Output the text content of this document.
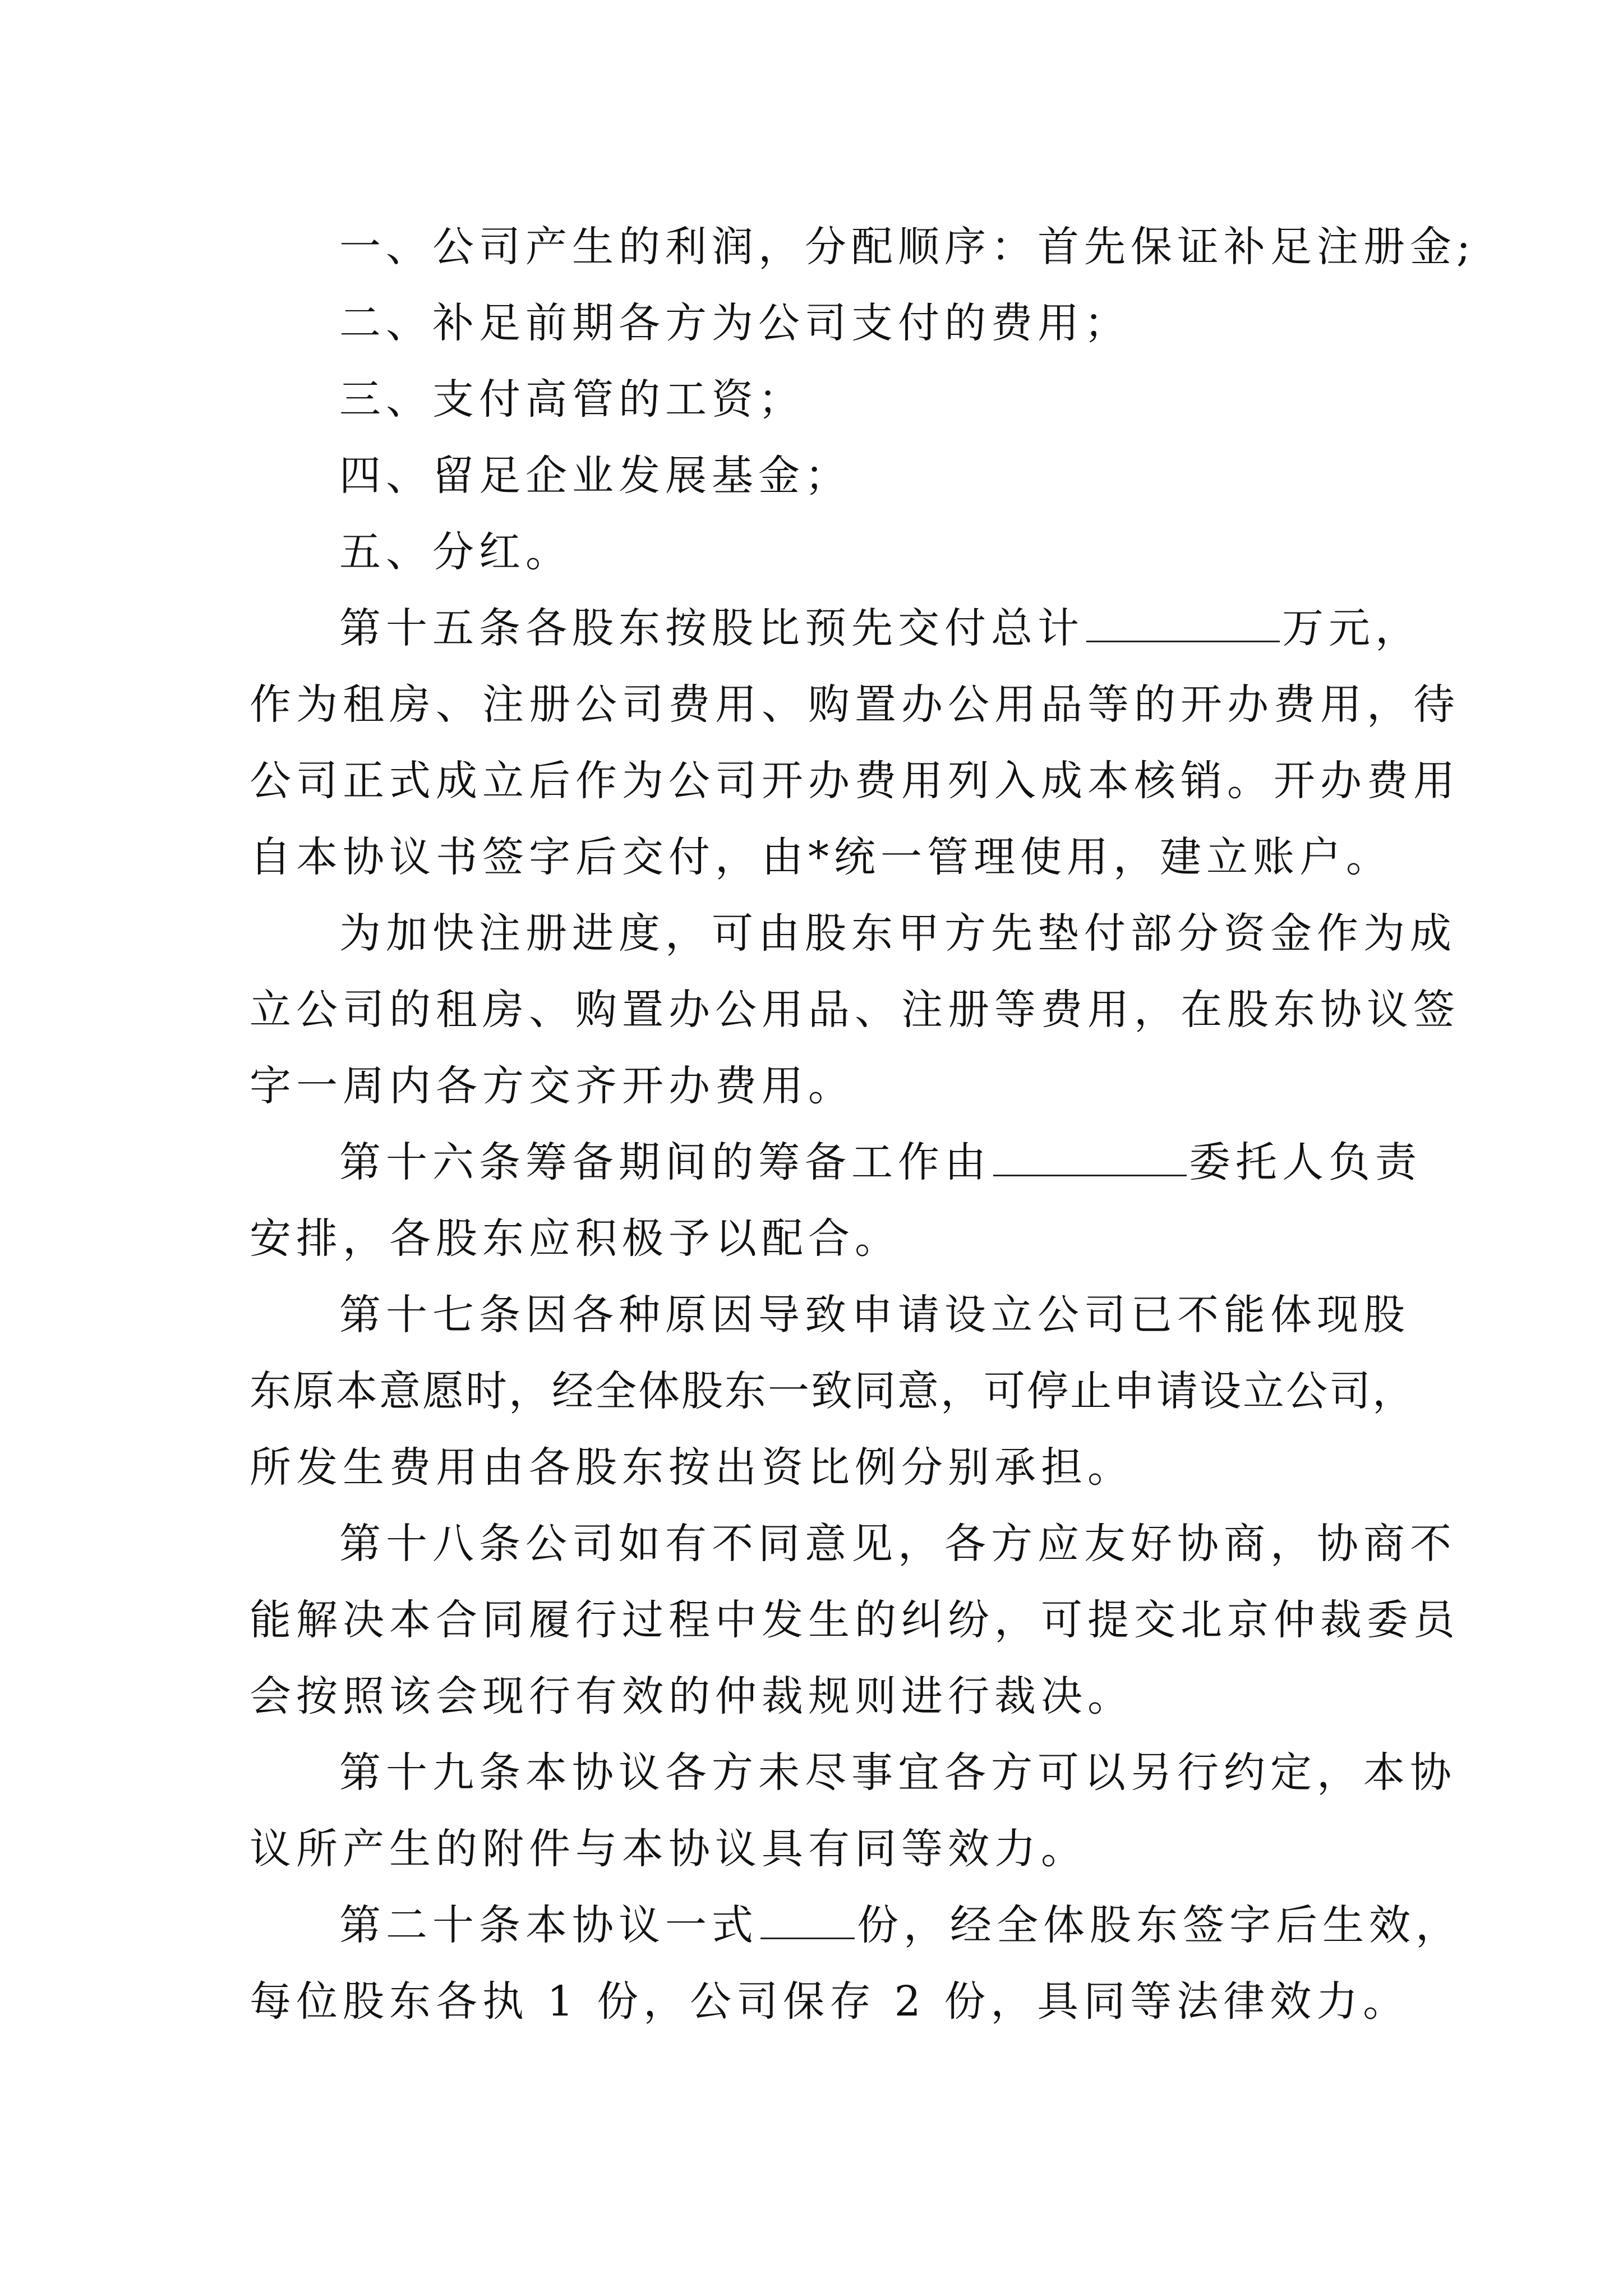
一、公司产生的利润，分配顺序：首先保证补足注册金;
二、补足前期各方为公司支付的费用；
三、支付高管的工资；
四、留足企业发展基金；
五、分红。
第十五条各股东按股比预先交付总计	万元，
作为租房、注册公司费用、购置办公用品等的开办费用，待
公司正式成立后作为公司开办费用列入成本核销。开办费用
自本协议书签字后交付，由*统一管理使用，建立账户。
为加快注册进度，可由股东甲方先垫付部分资金作为成
立公司的租房、购置办公用品、注册等费用，在股东协议签
字一周内各方交齐开办费用。
第十六条筹备期间的筹备工作由	委托人负责
安排，各股东应积极予以配合。
第十七条因各种原因导致申请设立公司已不能体现股
东原本意愿时，经全体股东一致同意，可停止申请设立公司，
所发生费用由各股东按出资比例分别承担。
第十八条公司如有不同意见，各方应友好协商，协商不
能解决本合同履行过程中发生的纠纷，可提交北京仲裁委员
会按照该会现行有效的仲裁规则进行裁决。
第十九条本协议各方未尽事宜各方可以另行约定，本协
议所产生的附件与本协议具有同等效力。
第二十条本协议一式 份，经全体股东签字后生效，
每位股东各执 1 份，公司保存 2 份，具同等法律效力。
